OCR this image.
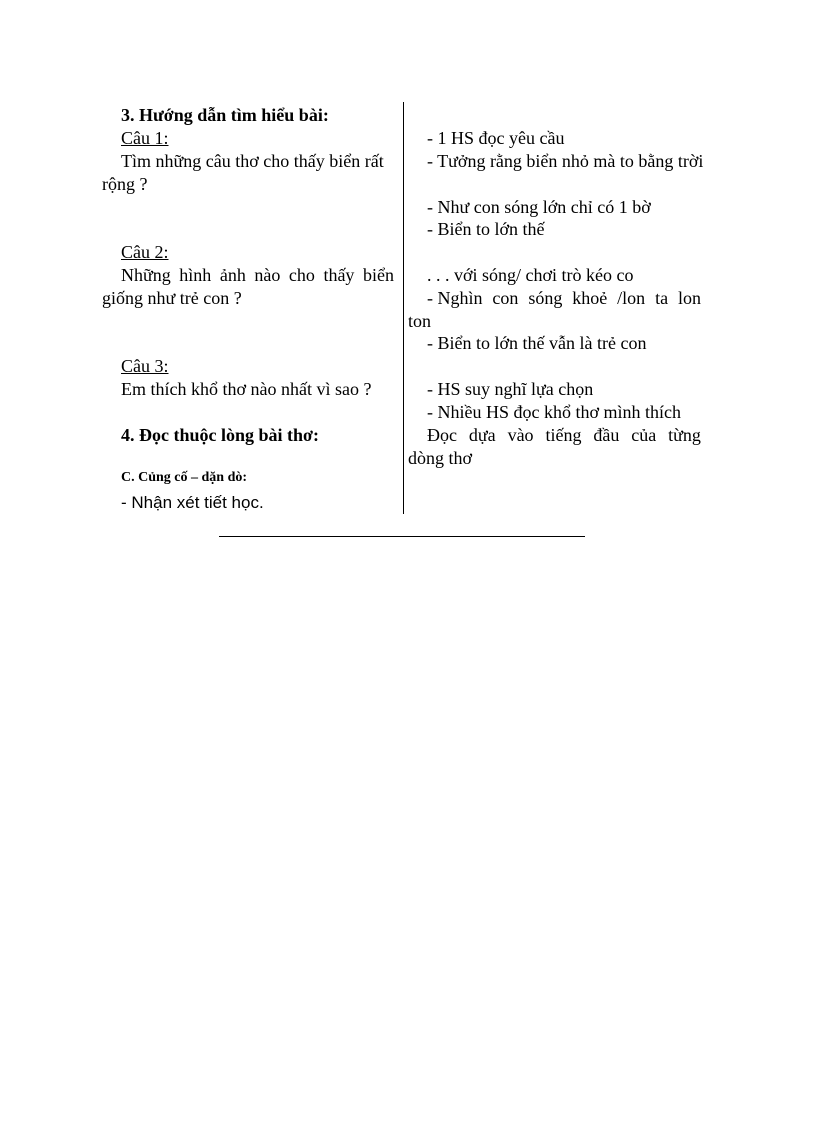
3. Hướng dẫn tìm hiểu bài:
Câu 1:
Tìm những câu thơ cho thấy biển rất
rộng ?
Câu 2:
Những hình ảnh nào cho thấy biển
giống như trẻ con ?
Câu 3:
Em thích khổ thơ nào nhất vì sao ?
4. Đọc thuộc lòng bài thơ:
C. Củng cố – dặn dò:
- Nhận xét tiết học.
- 1 HS đọc yêu cầu
- Tưởng rằng biển nhỏ mà to bằng trời
- Như con sóng lớn chỉ có 1 bờ
- Biển to lớn thế
. . . với sóng/ chơi trò kéo co
- Nghìn con sóng khoẻ /lon ta lon
ton
- Biển to lớn thế vẫn là trẻ con
- HS suy nghĩ lựa chọn
- Nhiều HS đọc khổ thơ mình thích
Đọc dựa vào tiếng đầu của từng
dòng thơ
